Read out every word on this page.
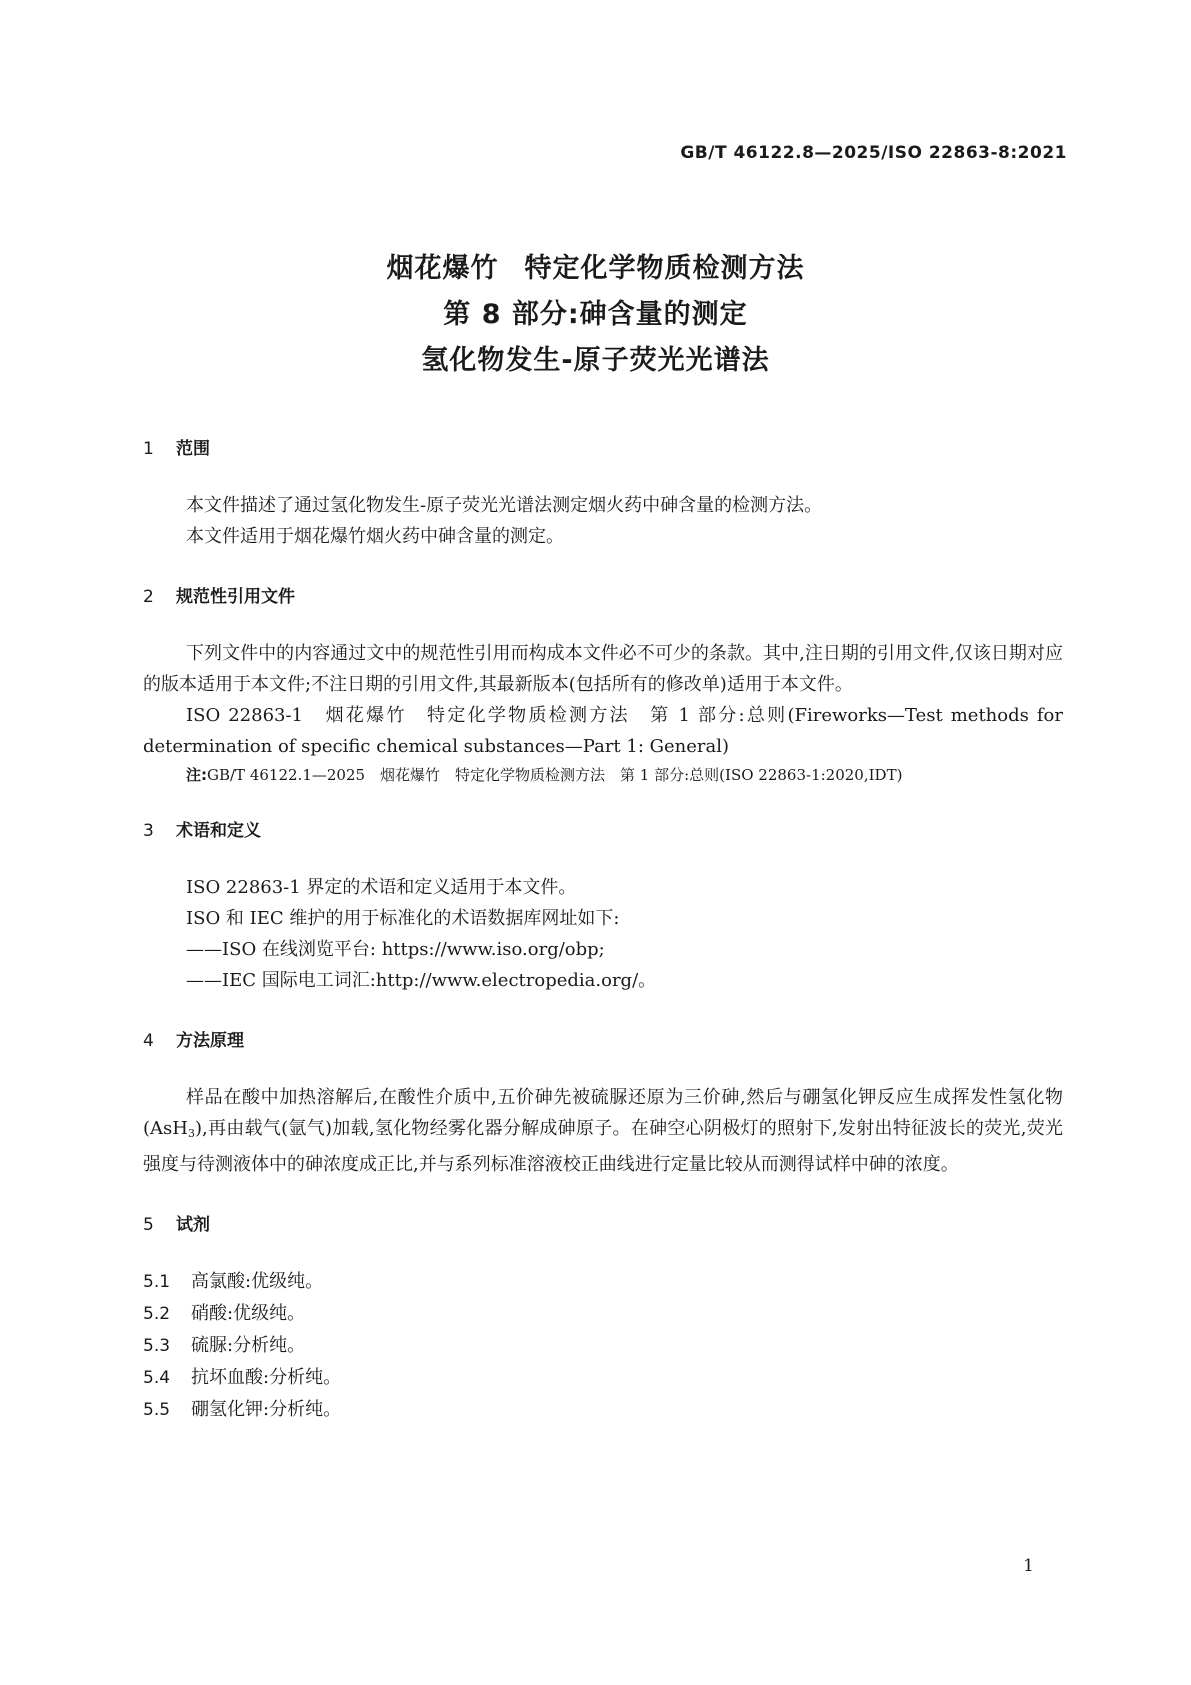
GB/T 46122.8—2025/ISO 22863-8:2021
烟花爆竹 特定化学物质检测方法
第 8 部分:砷含量的测定
氢化物发生-原子荧光光谱法
1 范围

本文件描述了通过氢化物发生-原子荧光光谱法测定烟火药中砷含量的检测方法。

本文件适用于烟花爆竹烟火药中砷含量的测定。

2 规范性引用文件

下列文件中的内容通过文中的规范性引用而构成本文件必不可少的条款。其中,注日期的引用文件,仅该日期对应的版本适用于本文件;不注日期的引用文件,其最新版本(包括所有的修改单)适用于本文件。

ISO 22863-1　烟花爆竹　特定化学物质检测方法　第 1 部分:总则(Fireworks—Test methods for determination of specific chemical substances—Part 1: General)

注:GB/T 46122.1—2025　烟花爆竹　特定化学物质检测方法　第 1 部分:总则(ISO 22863-1:2020,IDT)
3 术语和定义

ISO 22863-1 界定的术语和定义适用于本文件。

ISO 和 IEC 维护的用于标准化的术语数据库网址如下:

——ISO 在线浏览平台: https://www.iso.org/obp;

——IEC 国际电工词汇:http://www.electropedia.org/。

4 方法原理

样品在酸中加热溶解后,在酸性介质中,五价砷先被硫脲还原为三价砷,然后与硼氢化钾反应生成挥发性氢化物(AsH$_3$),再由载气(氩气)加载,氢化物经雾化器分解成砷原子。在砷空心阴极灯的照射下,发射出特征波长的荧光,荧光强度与待测液体中的砷浓度成正比,并与系列标准溶液校正曲线进行定量比较从而测得试样中砷的浓度。

5 试剂
5.1 高氯酸:优级纯。
5.2 硝酸:优级纯。
5.3 硫脲:分析纯。
5.4 抗坏血酸:分析纯。
5.5 硼氢化钾:分析纯。
1
